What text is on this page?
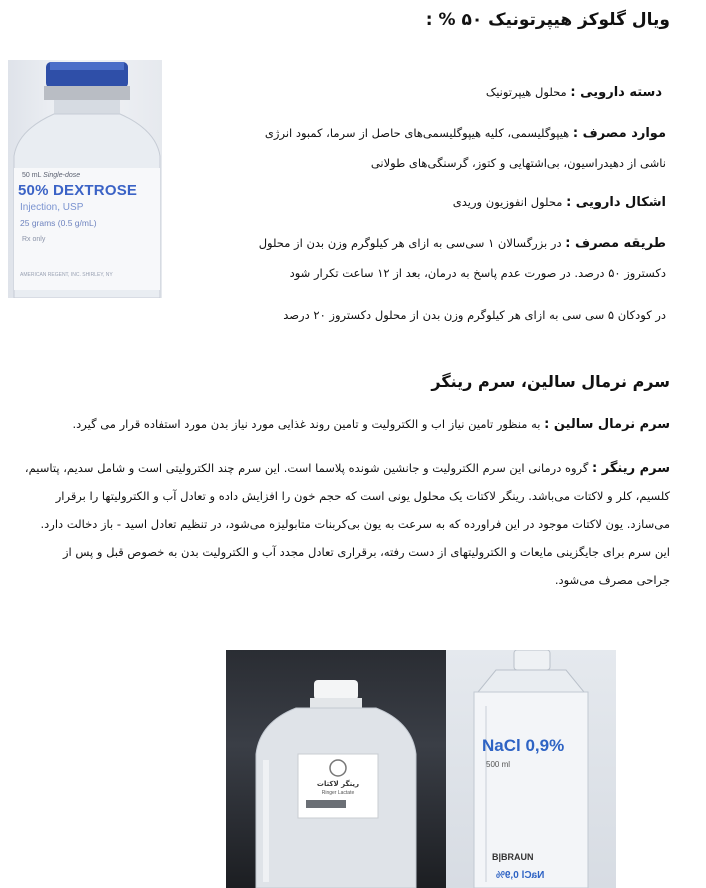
ویال گلوکز هیپرتونیک ۵۰ % :
50 mL Single-dose
50% DEXTROSE
Injection, USP
25 grams (0.5 g/mL)
Rx only
AMERICAN REGENT, INC. SHIRLEY, NY
دسته دارویی : محلول هیپرتونیک
موارد مصرف : هیپوگلیسمی، کلیه هیپوگلیسمی‌های حاصل از سرما، کمبود انرژی
ناشی از دهیدراسیون، بی‌اشتهایی و کتوز، گرسنگی‌های طولانی
اشکال دارویی : محلول انفوزیون وریدی
طریقه مصرف : در بزرگسالان ۱ سی‌سی به ازای هر کیلوگرم وزن بدن از محلول
دکستروز ۵۰ درصد. در صورت عدم پاسخ به درمان، بعد از ۱۲ ساعت تکرار شود
در کودکان ۵ سی سی به ازای هر کیلوگرم وزن بدن از محلول دکستروز ۲۰ درصد
سرم نرمال سالین، سرم رینگر
سرم نرمال سالین : به منظور تامین نیاز اب و الکترولیت و تامین روند غذایی مورد نیاز بدن مورد استفاده قرار می گیرد.
سرم رینگر : گروه درمانی این سرم الکترولیت و جانشین شونده پلاسما است. این سرم چند الکترولیتی است و شامل سدیم، پتاسیم،
کلسیم، کلر و لاکتات می‌باشد. رینگر لاکتات یک محلول یونی است که حجم خون را افزایش داده و تعادل آب و الکترولیتها را برقرار
می‌سازد. یون لاکتات موجود در این فراورده که به سرعت به یون بی‌کربنات متابولیزه می‌شود، در تنظیم تعادل اسید - باز دخالت دارد.
این سرم برای جایگزینی مایعات و الکترولیتهای از دست رفته، برقراری تعادل مجدد آب و الکترولیت بدن به خصوص قبل و پس از
جراحی مصرف می‌شود.
رینگر لاکتات
Ringer Lactate
NaCl 0,9%
500 ml
B|BRAUN
NaCl 0,9%
